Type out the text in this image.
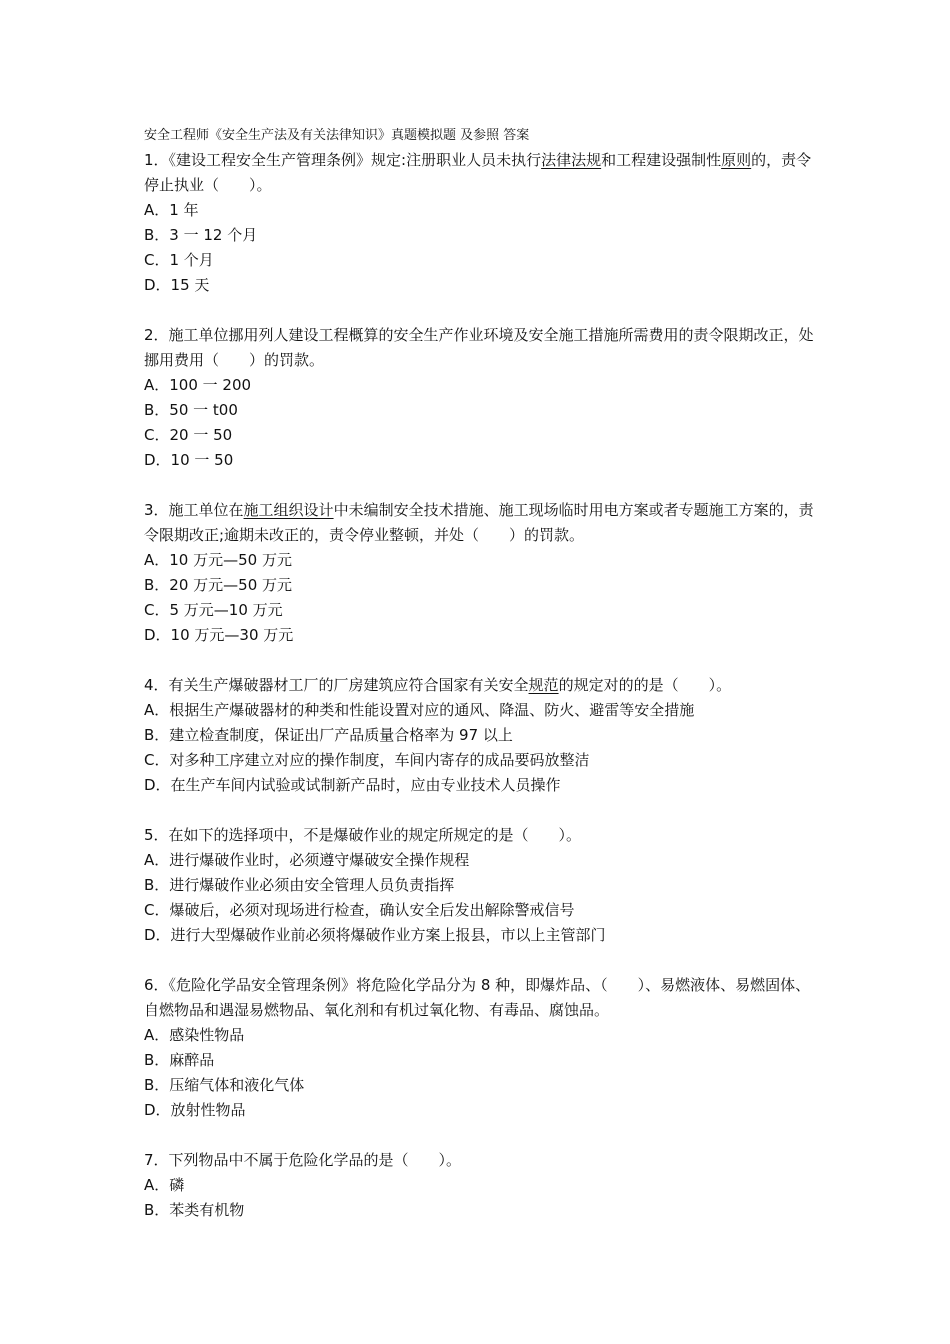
安全工程师《安全生产法及有关法律知识》真题模拟题 及参照 答案

1．《建设工程安全生产管理条例》规定:注册职业人员未执行法律法规和工程建设强制性原则的，责令停止执业（　　）。

A．1 年

B．3 一 12 个月

C．1 个月

D．15 天

2．施工单位挪用列人建设工程概算的安全生产作业环境及安全施工措施所需费用的责令限期改正，处挪用费用（　　）的罚款。

A．100 一 200

B．50 一 t00

C．20 一 50

D．10 一 50

3．施工单位在施工组织设计中未编制安全技术措施、施工现场临时用电方案或者专题施工方案的，责令限期改正;逾期未改正的，责令停业整顿，并处（　　）的罚款。

A．10 万元—50 万元

B．20 万元—50 万元

C．5 万元—10 万元

D．10 万元—30 万元

4．有关生产爆破器材工厂的厂房建筑应符合国家有关安全规范的规定对的的是（　　）。

A．根据生产爆破器材的种类和性能设置对应的通风、降温、防火、避雷等安全措施

B．建立检查制度，保证出厂产品质量合格率为 97 以上

C．对多种工序建立对应的操作制度，车间内寄存的成品要码放整洁

D．在生产车间内试验或试制新产品时，应由专业技术人员操作

5．在如下的选择项中，不是爆破作业的规定所规定的是（　　）。

A．进行爆破作业时，必须遵守爆破安全操作规程

B．进行爆破作业必须由安全管理人员负责指挥

C．爆破后，必须对现场进行检查，确认安全后发出解除警戒信号

D．进行大型爆破作业前必须将爆破作业方案上报县，市以上主管部门

6．《危险化学品安全管理条例》将危险化学品分为 8 种，即爆炸品、（　　）、易燃液体、易燃固体、自燃物品和遇湿易燃物品、氧化剂和有机过氧化物、有毒品、腐蚀品。

A．感染性物品

B．麻醉品

B．压缩气体和液化气体

D．放射性物品

7．下列物品中不属于危险化学品的是（　　）。

A．磷

B．苯类有机物
